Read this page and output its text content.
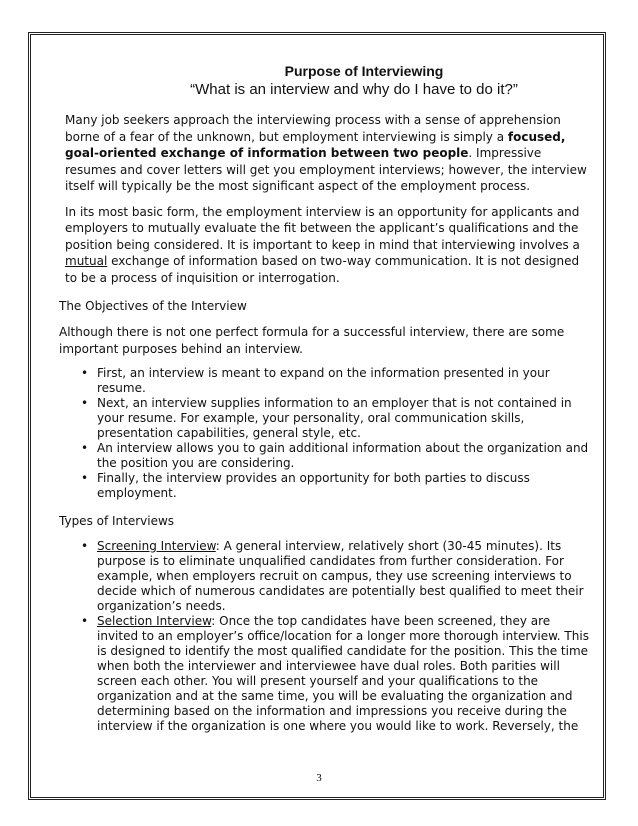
Purpose of Interviewing

“What is an interview and why do I have to do it?”

Many job seekers approach the interviewing process with a sense of apprehension borne of a fear of the unknown, but employment interviewing is simply a focused, goal-oriented exchange of information between two people. Impressive resumes and cover letters will get you employment interviews; however, the interview itself will typically be the most significant aspect of the employment process.

In its most basic form, the employment interview is an opportunity for applicants and employers to mutually evaluate the fit between the applicant’s qualifications and the position being considered. It is important to keep in mind that interviewing involves a mutual exchange of information based on two-way communication. It is not designed to be a process of inquisition or interrogation.

The Objectives of the Interview

Although there is not one perfect formula for a successful interview, there are some important purposes behind an interview.

• First, an interview is meant to expand on the information presented in your resume.
• Next, an interview supplies information to an employer that is not contained in your resume. For example, your personality, oral communication skills, presentation capabilities, general style, etc.
• An interview allows you to gain additional information about the organization and the position you are considering.
• Finally, the interview provides an opportunity for both parties to discuss employment.

Types of Interviews

• Screening Interview: A general interview, relatively short (30-45 minutes). Its purpose is to eliminate unqualified candidates from further consideration. For example, when employers recruit on campus, they use screening interviews to decide which of numerous candidates are potentially best qualified to meet their organization’s needs.
• Selection Interview: Once the top candidates have been screened, they are invited to an employer’s office/location for a longer more thorough interview. This is designed to identify the most qualified candidate for the position. This the time when both the interviewer and interviewee have dual roles. Both parities will screen each other. You will present yourself and your qualifications to the organization and at the same time, you will be evaluating the organization and determining based on the information and impressions you receive during the interview if the organization is one where you would like to work. Reversely, the
3
